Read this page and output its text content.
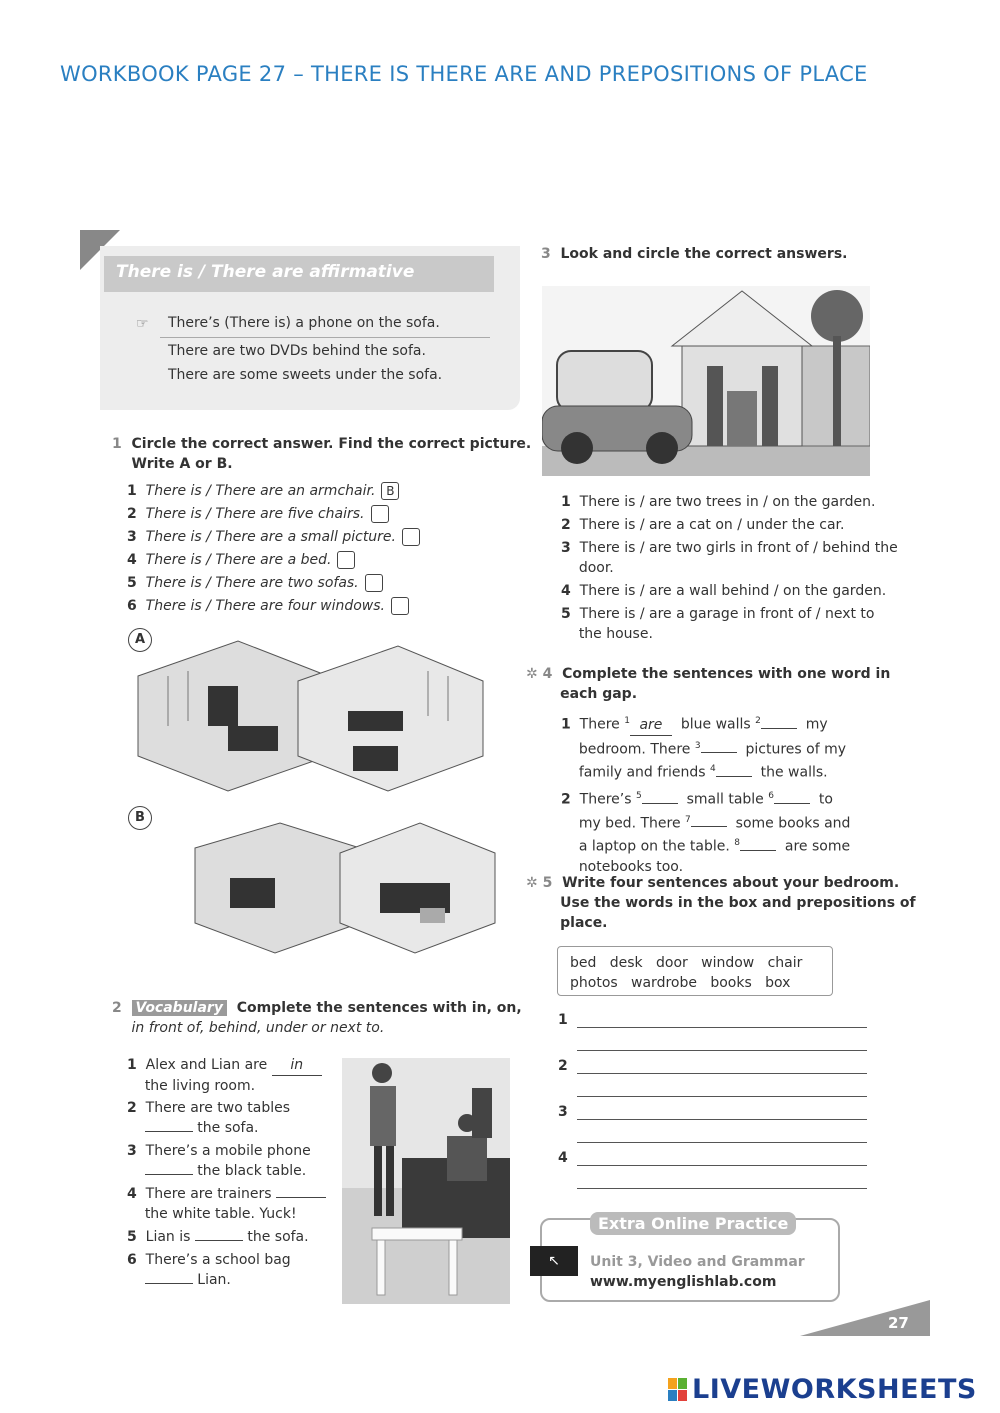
WORKBOOK PAGE 27 – THERE IS THERE ARE AND PREPOSITIONS OF PLACE
There is / There are affirmative
☞ There’s (There is) a phone on the sofa.
There are two DVDs behind the sofa.
There are some sweets under the sofa.
1 Circle the correct answer. Find the correct picture.
Write A or B.
1 There is / There are an armchair. B
2 There is / There are five chairs.
3 There is / There are a small picture.
4 There is / There are a bed.
5 There is / There are two sofas.
6 There is / There are four windows.
A
B
2 Vocabulary Complete the sentences with in, on,
in front of, behind, under or next to.
1 Alex and Lian are in
the living room.
2 There are two tables
the sofa.
3 There’s a mobile phone
the black table.
4 There are trainers
the white table. Yuck!
5 Lian is	the sofa.
6 There’s a school bag
Lian.
3 Look and circle the correct answers.
1 There is / are two trees in / on the garden.
2 There is / are a cat on / under the car.
3 There is / are two girls in front of / behind the
door.
4 There is / are a wall behind / on the garden.
5 There is / are a garage in front of / next to
the house.
✲ 4 Complete the sentences with one word in
each gap.
1 There $^1$ are blue walls $^2$	my
bedroom. There $^3$	pictures of my
family and friends $^4$	the walls.
2 There’s $^5$	small table $^6$	to
my bed. There $^7$	some books and
a laptop on the table. $^8$	are some
notebooks too.
✲ 5 Write four sentences about your bedroom.
Use the words in the box and prepositions of
place.
bed   desk   door   window   chair
photos   wardrobe   books   box
1
2
3
4
Extra Online Practice
↖	Unit 3, Video and Grammar
www.myenglishlab.com
27
LIVEWORKSHEETS
